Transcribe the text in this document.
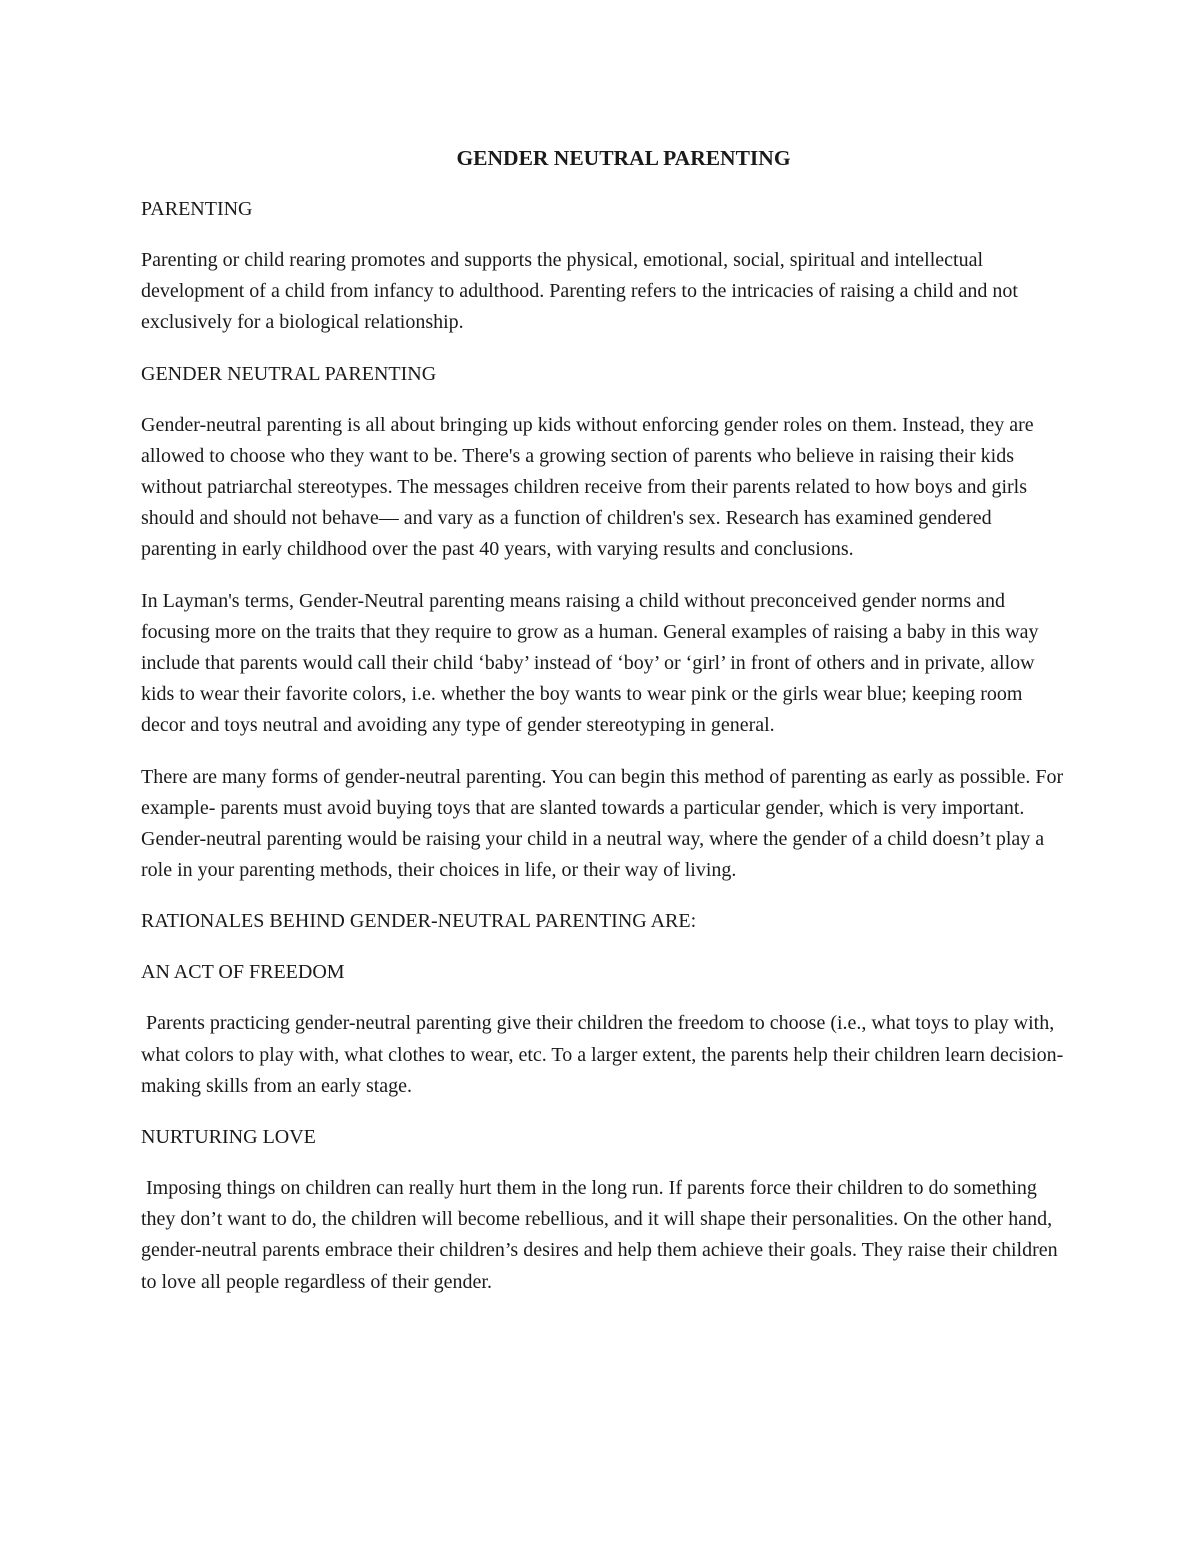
GENDER NEUTRAL PARENTING
PARENTING

Parenting or child rearing promotes and supports the physical, emotional, social, spiritual and intellectual development of a child from infancy to adulthood. Parenting refers to the intricacies of raising a child and not exclusively for a biological relationship.

GENDER NEUTRAL PARENTING

Gender-neutral parenting is all about bringing up kids without enforcing gender roles on them. Instead, they are allowed to choose who they want to be. There's a growing section of parents who believe in raising their kids without patriarchal stereotypes. The messages children receive from their parents related to how boys and girls should and should not behave— and vary as a function of children's sex. Research has examined gendered parenting in early childhood over the past 40 years, with varying results and conclusions.

In Layman's terms, Gender-Neutral parenting means raising a child without preconceived gender norms and focusing more on the traits that they require to grow as a human. General examples of raising a baby in this way include that parents would call their child ‘baby’ instead of ‘boy’ or ‘girl’ in front of others and in private, allow kids to wear their favorite colors, i.e. whether the boy wants to wear pink or the girls wear blue; keeping room decor and toys neutral and avoiding any type of gender stereotyping in general.

There are many forms of gender-neutral parenting. You can begin this method of parenting as early as possible. For example- parents must avoid buying toys that are slanted towards a particular gender, which is very important. Gender-neutral parenting would be raising your child in a neutral way, where the gender of a child doesn’t play a role in your parenting methods, their choices in life, or their way of living.

RATIONALES BEHIND GENDER-NEUTRAL PARENTING ARE:
AN ACT OF FREEDOM

Parents practicing gender-neutral parenting give their children the freedom to choose (i.e., what toys to play with, what colors to play with, what clothes to wear, etc. To a larger extent, the parents help their children learn decision-making skills from an early stage.

NURTURING LOVE

Imposing things on children can really hurt them in the long run. If parents force their children to do something they don’t want to do, the children will become rebellious, and it will shape their personalities. On the other hand, gender-neutral parents embrace their children’s desires and help them achieve their goals. They raise their children to love all people regardless of their gender.
